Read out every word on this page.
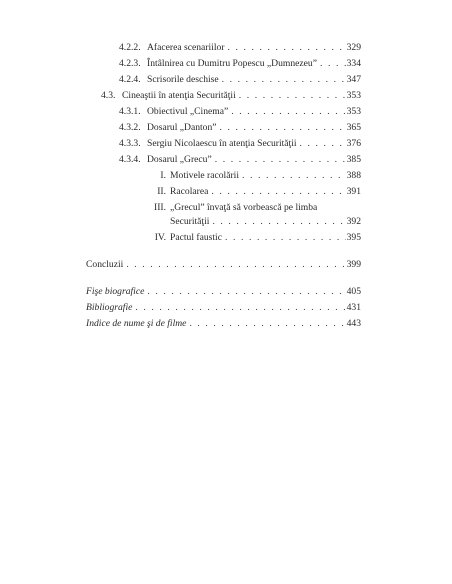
4.2.2. Afacerea scenariilor . . .	329
4.2.3. Întâlnirea cu Dumitru Popescu „Dumnezeu” . . .	334
4.2.4. Scrisorile deschise . . .	347
4.3. Cineaştii în atenţia Securităţii . . .	353
4.3.1. Obiectivul „Cinema” . . .	353
4.3.2. Dosarul „Danton” . . .	365
4.3.3. Sergiu Nicolaescu în atenţia Securităţii . . .	376
4.3.4. Dosarul „Grecu” . . .	385
I. Motivele racolării . . .	388
II. Racolarea . . .	391
III. „Grecul” învaţă să vorbească pe limba
Securităţii . . .	392
IV. Pactul faustic . . .	395
Concluzii . . .	399
Fişe biografice . . .	405
Bibliografie . . .	431
Indice de nume şi de filme . . .	443
